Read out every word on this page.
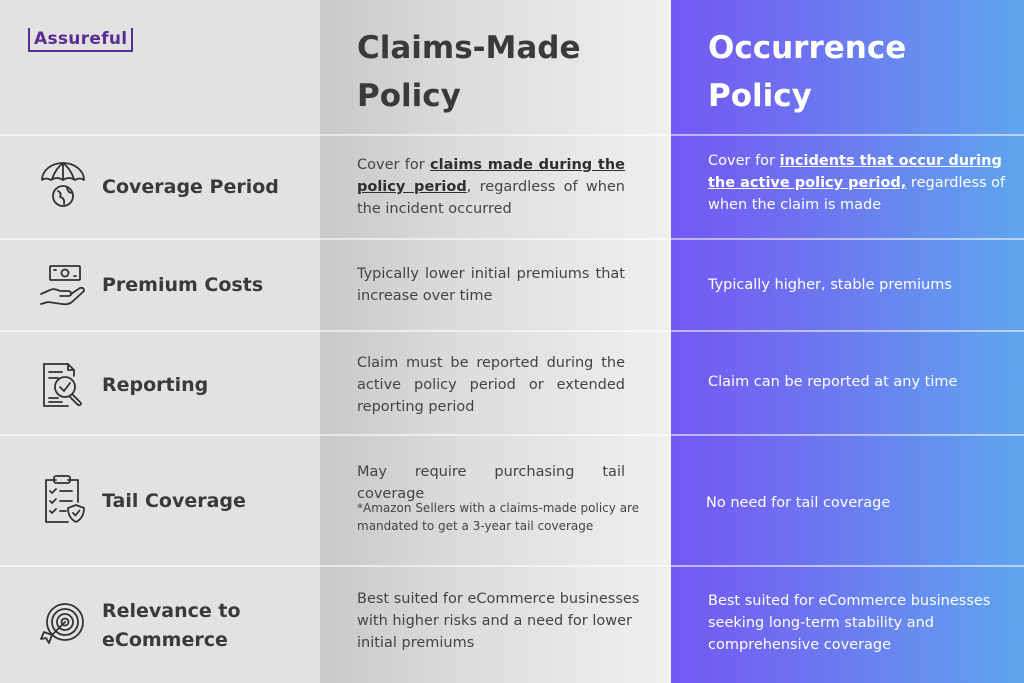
Assureful	Claims-Made
Policy
Occurrence
Policy
Coverage Period
Cover for claims made during the policy period, regardless of when the incident occurred
Cover for incidents that occur during the active policy period, regardless of when the claim is made
Premium Costs	Typically lower initial premiums that increase over time
Typically higher, stable premiums
Reporting
Claim must be reported during the active policy period or extended reporting period
Claim can be reported at any time
Tail Coverage
May require purchasing tail coverage
*Amazon Sellers with a claims-made policy are mandated to get a 3-year tail coverage
No need for tail coverage
Relevance to
eCommerce
Best suited for eCommerce businesses with higher risks and a need for lower initial premiums
Best suited for eCommerce businesses seeking long-term stability and comprehensive coverage
